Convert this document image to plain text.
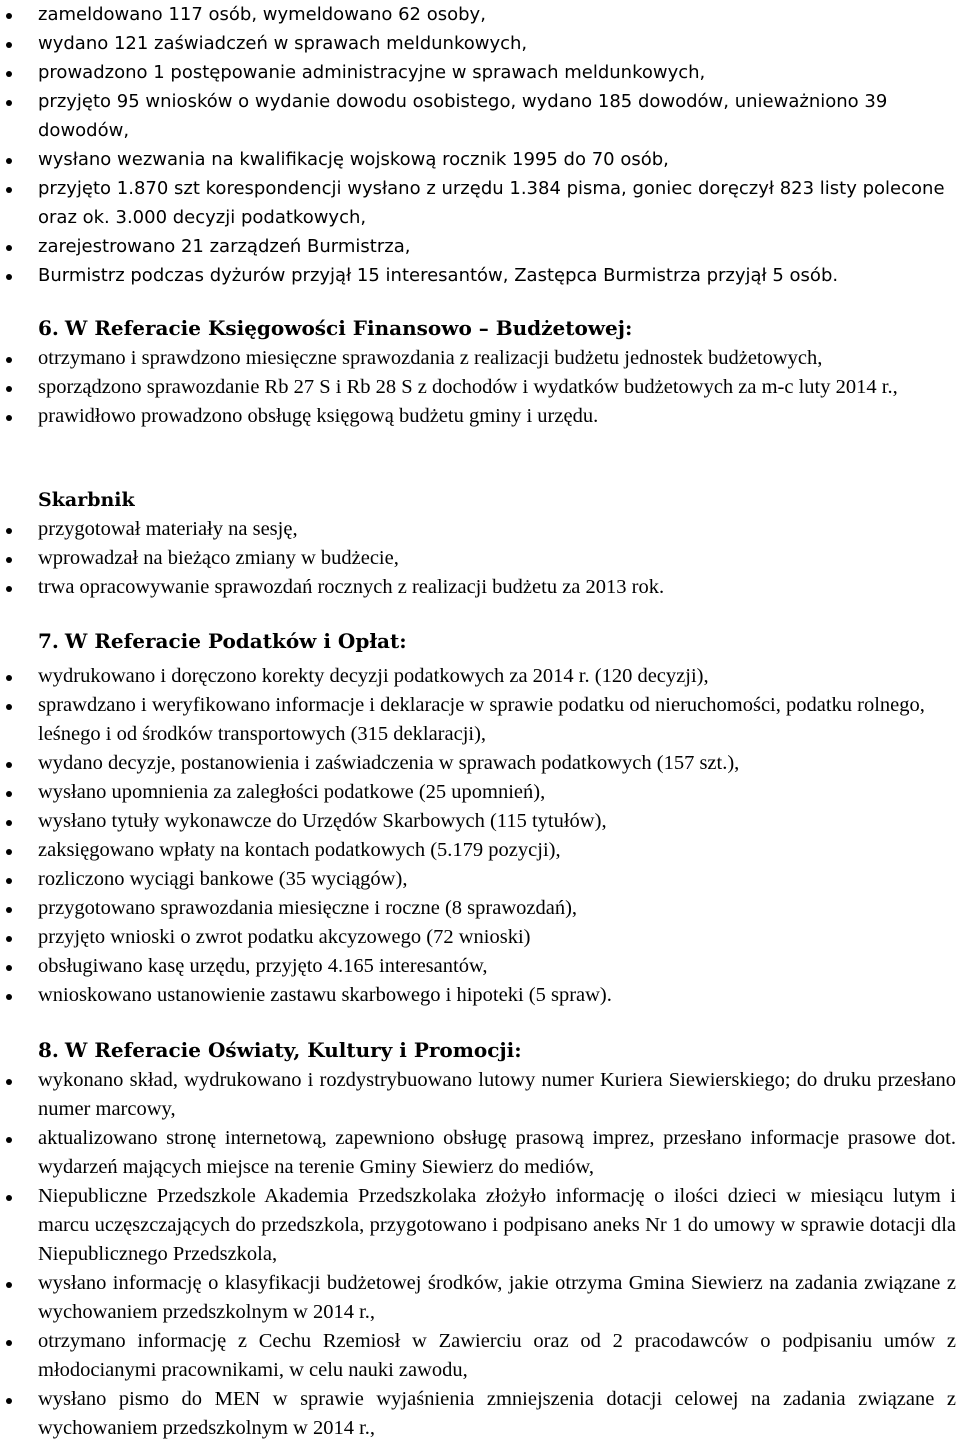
zameldowano 117 osób, wymeldowano 62 osoby,
wydano 121 zaświadczeń w sprawach meldunkowych,
prowadzono 1 postępowanie administracyjne w sprawach meldunkowych,
przyjęto 95 wniosków o wydanie dowodu osobistego, wydano 185 dowodów, unieważniono 39 dowodów,
wysłano wezwania na kwalifikację wojskową rocznik 1995 do 70 osób,
przyjęto 1.870 szt korespondencji wysłano z urzędu 1.384 pisma, goniec doręczył 823 listy polecone oraz ok. 3.000 decyzji podatkowych,
zarejestrowano 21 zarządzeń Burmistrza,
Burmistrz podczas dyżurów przyjął 15 interesantów, Zastępca Burmistrza przyjął 5 osób.
6. W Referacie Księgowości Finansowo – Budżetowej:
otrzymano i sprawdzono miesięczne sprawozdania z realizacji budżetu jednostek budżetowych,
sporządzono sprawozdanie Rb 27 S i Rb 28 S z dochodów i wydatków budżetowych za m-c luty 2014 r.,
prawidłowo prowadzono obsługę księgową budżetu gminy i urzędu.
Skarbnik
przygotował materiały na sesję,
wprowadzał na bieżąco zmiany w budżecie,
trwa opracowywanie sprawozdań rocznych z realizacji budżetu za 2013 rok.
7. W Referacie Podatków i Opłat:
wydrukowano i doręczono korekty decyzji podatkowych za 2014 r. (120 decyzji),
sprawdzano i weryfikowano informacje i deklaracje w sprawie podatku od nieruchomości, podatku rolnego, leśnego i od środków transportowych (315 deklaracji),
wydano decyzje, postanowienia i zaświadczenia w sprawach podatkowych (157 szt.),
wysłano upomnienia za zaległości podatkowe (25 upomnień),
wysłano tytuły wykonawcze do Urzędów Skarbowych (115 tytułów),
zaksięgowano wpłaty na kontach podatkowych (5.179 pozycji),
rozliczono wyciągi bankowe (35 wyciągów),
przygotowano sprawozdania miesięczne i roczne (8 sprawozdań),
przyjęto wnioski o zwrot podatku akcyzowego (72 wnioski)
obsługiwano kasę urzędu, przyjęto 4.165 interesantów,
wnioskowano ustanowienie zastawu skarbowego i hipoteki (5 spraw).
8. W Referacie Oświaty, Kultury i Promocji:
wykonano skład, wydrukowano i rozdystrybuowano lutowy numer Kuriera Siewierskiego; do druku przesłano numer marcowy,
aktualizowano stronę internetową, zapewniono obsługę prasową imprez, przesłano informacje prasowe dot. wydarzeń mających miejsce na terenie Gminy Siewierz do mediów,
Niepubliczne Przedszkole Akademia Przedszkolaka złożyło informację o ilości dzieci w miesiącu lutym i marcu uczęszczających do przedszkola, przygotowano i podpisano aneks Nr 1 do umowy w sprawie dotacji dla Niepublicznego Przedszkola,
wysłano informację o klasyfikacji budżetowej środków, jakie otrzyma Gmina Siewierz na zadania związane z wychowaniem przedszkolnym w 2014 r.,
otrzymano informację z Cechu Rzemiosł w Zawierciu oraz od 2 pracodawców o podpisaniu umów z młodocianymi pracownikami, w celu nauki zawodu,
wysłano pismo do MEN w sprawie wyjaśnienia zmniejszenia dotacji celowej na zadania związane z wychowaniem przedszkolnym w 2014 r.,
